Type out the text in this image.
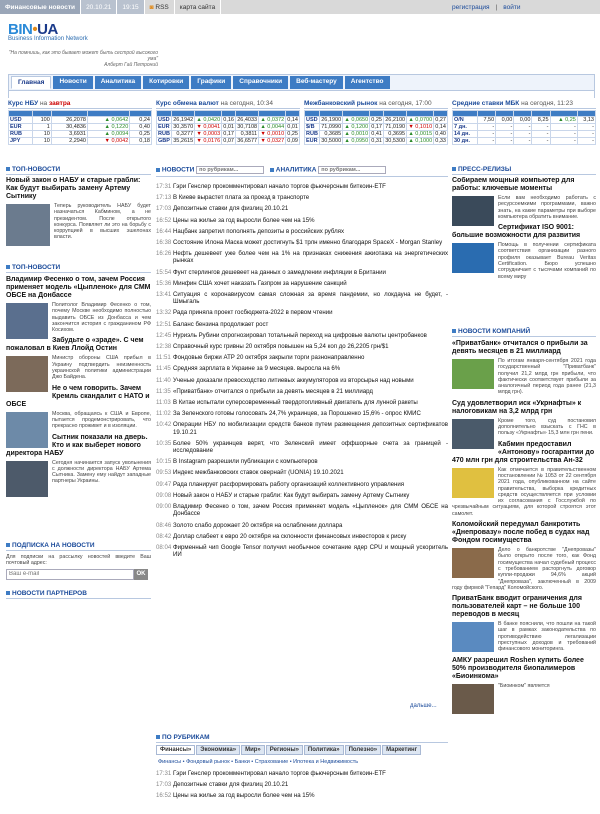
Финансовые новости	20.10.21	19:15	◙
RSS	карта сайта	регистрация | войти
BIN•UA
Business Information Network
"На помнишь, как это бывает может быть сестрой высокого ума"
Алберт Гай Петроний
Главная	Новости	Аналитика	Котировки	Графики	Справочники	Веб-мастеру	Агентство
Курс НБУ на завтра

USD	100	26,2078	▲ 0,0642	0,24
EUR	1	30,4836	▲ 0,1220	0,40
RUB	10	3,6931	▲ 0,0094	0,25
JPY	10	2,2940	▼ 0,0042	0,18
Курс обмена валют на сегодня, 10:34

USD	26,1942	▲ 0,0420	0,16	26,4033	▲ 0,0372	0,14
EUR	30,3570	▼ 0,0041	0,01	30,7108	▲ 0,0044	0,01
RUB	0,3277	▼ 0,0003	0,17	0,3811	▼ 0,0010	0,25
GBP	35,2615	▼ 0,0176	0,07	36,6577	▼ 0,0327	0,09
Межбанковский рынок на сегодня, 17:00

USD	26,1900	▲ 0,0650	0,25	26,2100	▲ 0,0700	0,27
$/B	71,0990	▲ 0,1200	0,17	71,0190	▼ 0,1010	0,14
RUB	0,3685	▲ 0,0010	0,41	0,3695	▲ 0,0015	0,40
EUR	30,5000	▲ 0,0950	0,31	30,5300	▲ 0,1000	0,33
Средние ставки МБК на сегодня, 11:23

O/N	7,50	0,00	0,00	8,25	▲ 0,25	3,13
7 дн.	-	-	-	-	-	-
14 дн.	-	-	-	-	-	-
30 дн.	-	-	-	-	-	-
ТОП-НОВОСТИ
Новый закон о НАБУ и старые грабли: Как будут выбирать замену Артему Сытнику
Теперь руководитель НАБУ будет назначаться Кабмином, а не президентом. После открытого конкурса. Появляет ли это на борьбу с коррупцией в высших эшелонах власти.
ТОП-НОВОСТИ
Владимир Фесенко о том, зачем Россия применяет модель «Цыпленок» для СММ ОБСЕ на Донбассе
Политолог Владимир Фесенко о том, почему Москве необходимо полностью выдавить ОБСЕ из Донбасса и чем закончится история с гражданином РФ Косихом.
Забудьте о «зраде». С чем пожаловал в Киев Ллойд Остин
Министр обороны США прибыл в Украину подтвердить неизменность украинской политики администрации Джо Байдена.
Не о чем говорить. Зачем Кремль скандалит с НАТО и ОБСЕ
Москва, обращаясь к США и Европе, пытается продемонстрировать, что прекрасно проживет и в изоляции.
Сытник показали на дверь. Кто и как выберет нового директора НАБУ
Сегодня начинается запуск увольнения с должности директора НАБУ Артема Сытника. Замену ему найдут западные партнеры Украины.
ПОДПИСКА НА НОВОСТИ
Для подписки на рассылку новостей введите Ваш почтовый адрес:
Ваш e-mail
OK
НОВОСТИ ПАРТНЕРОВ
НОВОСТИ по рубрикам...	АНАЛИТИКА по рубрикам...
17:31 Гэри Генслер прокомментировал начало торгов фьючерсным биткоин-ETF
17:13 В Киеве вырастет плата за проезд в транспорте
17:03 Депозитные ставки для физлиц 20.10.21
16:52 Цены на жилье за год выросли более чем на 15%
16:44 Нацбанк запретил пополнять депозиты в российских рублях
16:38 Состояние Илона Маска может достигнуть $1 трлн именно благодаря SpaceX - Morgan Stanley
16:26 Нефть дешевеет уже более чем на 1% на признаках снижения ажиотажа на энергетических рынках
15:54 Фунт стерлингов дешевеет на данных о замедлении инфляции в Британии
15:36 Минфин США хочет наказать Газпром за нарушение санкций
13:41 Ситуация с коронавирусом самая сложная за время пандемии, но локдауна не будет, - Шмыгаль
13:32 Рада приняла проект госбюджета-2022 в первом чтении
12:51 Баланс бензина продолжает рост
12:45 Нуриэль Рубини спрогнозировал тотальный переход на цифровые валюты центробанков
12:38 Справочный курс гривны 20 октября повышен на 5,24 коп до 26,2205 грн/$1
11:51 Фондовые биржи АТР 20 октября закрыли торги разнонаправленно
11:45 Средняя зарплата в Украине за 9 месяцев. выросла на 6%
11:40 Ученые доказали превосходство литиевых аккумуляторов из вторсырья над новыми
11:35 «Приватбанк» отчитался о прибыли за девять месяцев в 21 миллиард
11:03 В Китае испытали суперсовременный твердотопливный двигатель для лунной ракеты
11:02 За Зеленского готовы голосовать 24,7% украинцев, за Порошенко 15,6% - опрос КМИС
10:42 Операции НБУ по мобилизации средств банков путем размещения депозитных сертификатов 19.10.21
10:35 Более 50% украинцев верят, что Зеленский имеет оффшорные счета за границей - исследование
10:15 В Instagram разрешили публикации с компьютеров
09:53 Индекс межбанковских ставок овернайт (UONIA) 19.10.2021
09:47 Рада планирует расформировать работу организаций коллективного управления
09:08 Новый закон о НАБУ и старые грабли: Как будут выбирать замену Артему Сытнику
09:00 Владимир Фесенко о том, зачем Россия применяет модель «Цыпленок» для СММ ОБСЕ на Донбассе
08:46 Золото слабо дорожает 20 октября на ослаблении доллара
08:42 Доллар слабеет к евро 20 октября на склонности финансовых инвесторов к риску
08:04 Фирменный чип Google Tensor получил необычное сочетание ядер CPU и мощный ускоритель ИИ
дальше...
ПО РУБРИКАМ
Финансы»	Экономика»	Мир»	Регионы»	Политика»	Полезно»	Маркетинг
Финансы • Фондовый рынок • Банки • Страхование • Ипотека и Недвижимость
17:31 Гэри Генслер прокомментировал начало торгов фьючерсным биткоин-ETF
17:03 Депозитные ставки для физлиц 20.10.21
16:52 Цены на жилье за год выросли более чем на 15%
ПРЕСС-РЕЛИЗЫ
Собираем мощный компьютер для работы: ключевые моменты
Если вам необходимо работать с ресурсоемкими программами, важно знать, на какие параметры при выборе компьютера обратить внимание.
Сертификат ISO 9001: большие возможности для развития
Помощь в получении сертификата соответствия организации разного профиля оказывает Bureau Veritas Certification. Бюро успешно сотрудничает с тысячами компаний по всему миру
НОВОСТИ КОМПАНИЙ
«Приватбанк» отчитался о прибыли за девять месяцев в 21 миллиард
По итогам января-сентября 2021 года государственный "Приватбанк" получил 21,2 млрд грн прибыли, что фактически соответствует прибыли за аналогичный период года ранее (21,3 млрд грн).
Суд удовлетворил иск «Укрнафты» к налоговикам на 3,2 млрд грн
Кроме того, суд постановил дополнительно взыскать с ГНС в пользу «Укрнафты» 15,3 млн грн пени.
Кабмин предоставил «Антонову» госгарантии до 470 млн грн для строительства Ан-32
Как отмечается в правительственном постановлении № 1053 от 22 сентября 2021 года, опубликованном на сайте правительства, выборка кредитных средств осуществляется при условии их согласования с Госслужбой по чрезвычайным ситуациям, для которой строятся этот самолет.
Коломойский передумал банкротить «Днепровазу» после побед в судах над Фондом госимущества
Дело о банкротстве "Днепровазы" было открыто после того, как Фонд госимущества начал судебный процесс с требованием расторгнуть договор купли-продажи 94,6% акций "Днепроваза", заключенный в 2009 году фирмой "Гепард" Коломойского.
ПриватБанк вводит ограничения для пользователей карт – не больше 100 переводов в месяц
В банке пояснили, что пошли на такой шаг в рамках законодательства по противодействию легализации преступных доходов и требований финансового мониторинга.
АМКУ разрешил Roshen купить более 50% производителя биопалимеров «Биоинкома»
"Биоинком" является
